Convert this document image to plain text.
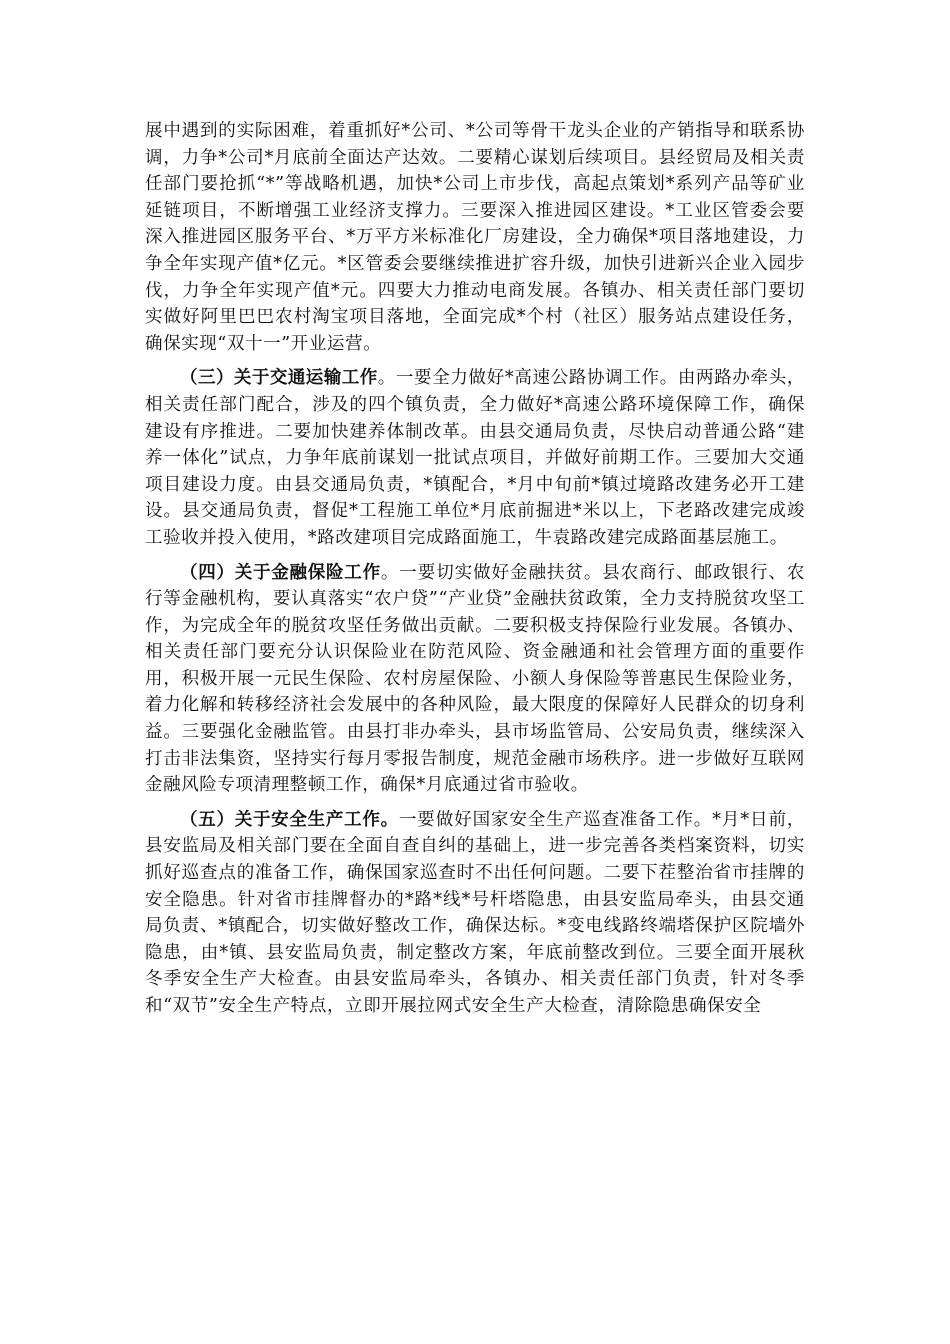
展中遇到的实际困难，着重抓好*公司、*公司等骨干龙头企业的产销指导和联系协调，力争*公司*月底前全面达产达效。二要精心谋划后续项目。县经贸局及相关责任部门要抢抓“*”等战略机遇，加快*公司上市步伐，高起点策划*系列产品等矿业延链项目，不断增强工业经济支撑力。三要深入推进园区建设。*工业区管委会要深入推进园区服务平台、*万平方米标准化厂房建设，全力确保*项目落地建设，力争全年实现产值*亿元。*区管委会要继续推进扩容升级，加快引进新兴企业入园步伐，力争全年实现产值*元。四要大力推动电商发展。各镇办、相关责任部门要切实做好阿里巴巴农村淘宝项目落地，全面完成*个村（社区）服务站点建设任务，确保实现“双十一”开业运营。

（三）关于交通运输工作。一要全力做好*高速公路协调工作。由两路办牵头，相关责任部门配合，涉及的四个镇负责，全力做好*高速公路环境保障工作，确保建设有序推进。二要加快建养体制改革。由县交通局负责，尽快启动普通公路“建养一体化”试点，力争年底前谋划一批试点项目，并做好前期工作。三要加大交通项目建设力度。由县交通局负责，*镇配合，*月中旬前*镇过境路改建务必开工建设。县交通局负责，督促*工程施工单位*月底前掘进*米以上，下老路改建完成竣工验收并投入使用，*路改建项目完成路面施工，牛袁路改建完成路面基层施工。

（四）关于金融保险工作。一要切实做好金融扶贫。县农商行、邮政银行、农行等金融机构，要认真落实“农户贷”“产业贷”金融扶贫政策，全力支持脱贫攻坚工作，为完成全年的脱贫攻坚任务做出贡献。二要积极支持保险行业发展。各镇办、相关责任部门要充分认识保险业在防范风险、资金融通和社会管理方面的重要作用，积极开展一元民生保险、农村房屋保险、小额人身保险等普惠民生保险业务，着力化解和转移经济社会发展中的各种风险，最大限度的保障好人民群众的切身利益。三要强化金融监管。由县打非办牵头，县市场监管局、公安局负责，继续深入打击非法集资，坚持实行每月零报告制度，规范金融市场秩序。进一步做好互联网金融风险专项清理整顿工作，确保*月底通过省市验收。

（五）关于安全生产工作。一要做好国家安全生产巡查准备工作。*月*日前，县安监局及相关部门要在全面自查自纠的基础上，进一步完善各类档案资料，切实抓好巡查点的准备工作，确保国家巡查时不出任何问题。二要下茬整治省市挂牌的安全隐患。针对省市挂牌督办的*路*线*号杆塔隐患，由县安监局牵头，由县交通局负责、*镇配合，切实做好整改工作，确保达标。*变电线路终端塔保护区院墙外隐患，由*镇、县安监局负责，制定整改方案，年底前整改到位。三要全面开展秋冬季安全生产大检查。由县安监局牵头，各镇办、相关责任部门负责，针对冬季和“双节”安全生产特点，立即开展拉网式安全生产大检查，清除隐患确保安全
